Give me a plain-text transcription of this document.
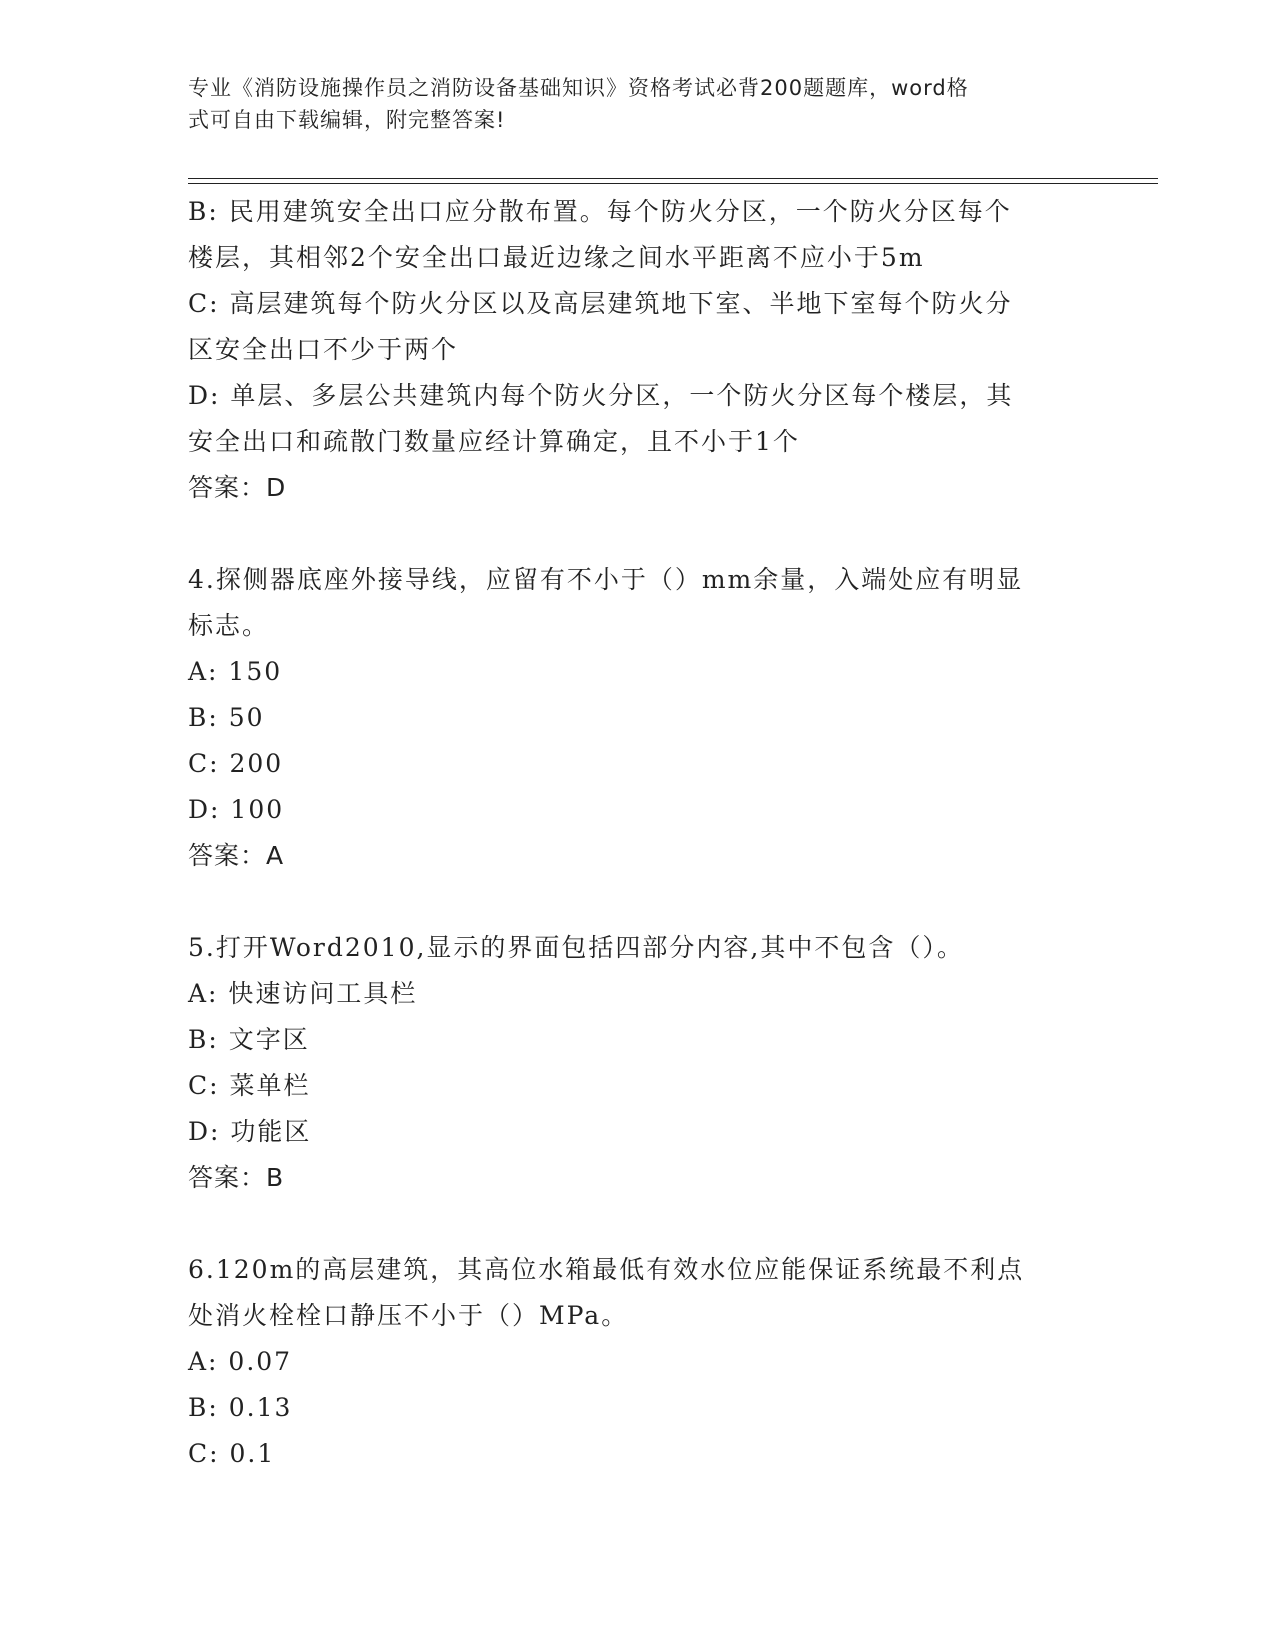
专业《消防设施操作员之消防设备基础知识》资格考试必背200题题库，word格
式可自由下载编辑，附完整答案!
B: 民用建筑安全出口应分散布置。每个防火分区，一个防火分区每个
楼层，其相邻2个安全出口最近边缘之间水平距离不应小于5m
C: 高层建筑每个防火分区以及高层建筑地下室、半地下室每个防火分
区安全出口不少于两个
D: 单层、多层公共建筑内每个防火分区，一个防火分区每个楼层，其
安全出口和疏散门数量应经计算确定，且不小于1个
答案：D
4.探侧器底座外接导线，应留有不小于（）mm余量，入端处应有明显
标志。
A: 150
B: 50
C: 200
D: 100
答案：A
5.打开Word2010,显示的界面包括四部分内容,其中不包含（）。
A: 快速访问工具栏
B: 文字区
C: 菜单栏
D: 功能区
答案：B
6.120m的高层建筑，其高位水箱最低有效水位应能保证系统最不利点
处消火栓栓口静压不小于（）MPa。
A: 0.07
B: 0.13
C: 0.1
